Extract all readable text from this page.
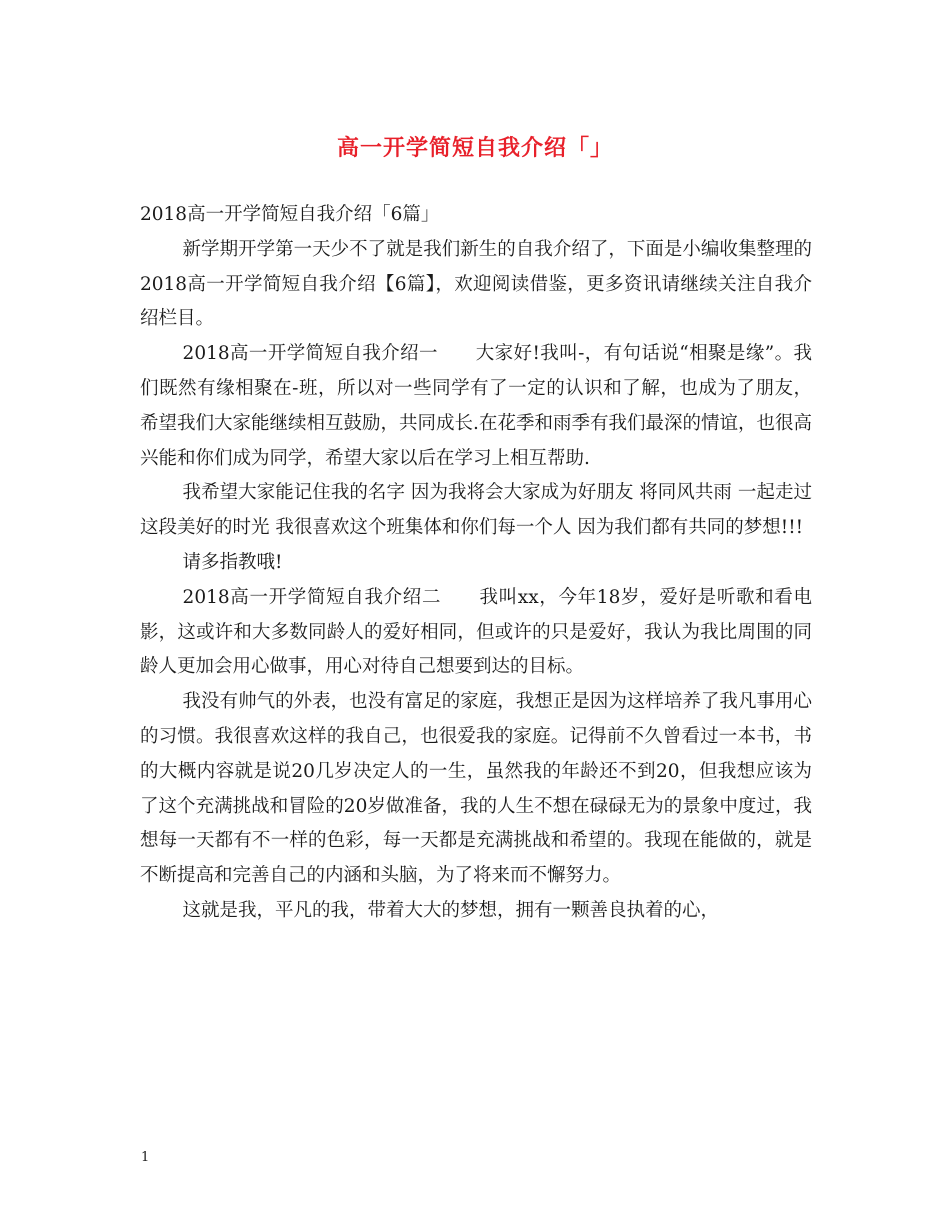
高一开学简短自我介绍「」

2018高一开学简短自我介绍「6篇」

新学期开学第一天少不了就是我们新生的自我介绍了，下面是小编收集整理的2018高一开学简短自我介绍【6篇】，欢迎阅读借鉴，更多资讯请继续关注自我介绍栏目。

2018高一开学简短自我介绍一　　大家好!我叫-，有句话说“相聚是缘”。我们既然有缘相聚在-班，所以对一些同学有了一定的认识和了解，也成为了朋友，希望我们大家能继续相互鼓励，共同成长.在花季和雨季有我们最深的情谊，也很高兴能和你们成为同学，希望大家以后在学习上相互帮助.

我希望大家能记住我的名字 因为我将会大家成为好朋友 将同风共雨 一起走过这段美好的时光 我很喜欢这个班集体和你们每一个人 因为我们都有共同的梦想!!!

请多指教哦!

2018高一开学简短自我介绍二　　我叫xx，今年18岁，爱好是听歌和看电影，这或许和大多数同龄人的爱好相同，但或许的只是爱好，我认为我比周围的同龄人更加会用心做事，用心对待自己想要到达的目标。

我没有帅气的外表，也没有富足的家庭，我想正是因为这样培养了我凡事用心的习惯。我很喜欢这样的我自己，也很爱我的家庭。记得前不久曾看过一本书，书的大概内容就是说20几岁决定人的一生，虽然我的年龄还不到20，但我想应该为了这个充满挑战和冒险的20岁做准备，我的人生不想在碌碌无为的景象中度过，我想每一天都有不一样的色彩，每一天都是充满挑战和希望的。我现在能做的，就是不断提高和完善自己的内涵和头脑，为了将来而不懈努力。

这就是我，平凡的我，带着大大的梦想，拥有一颗善良执着的心，

1
